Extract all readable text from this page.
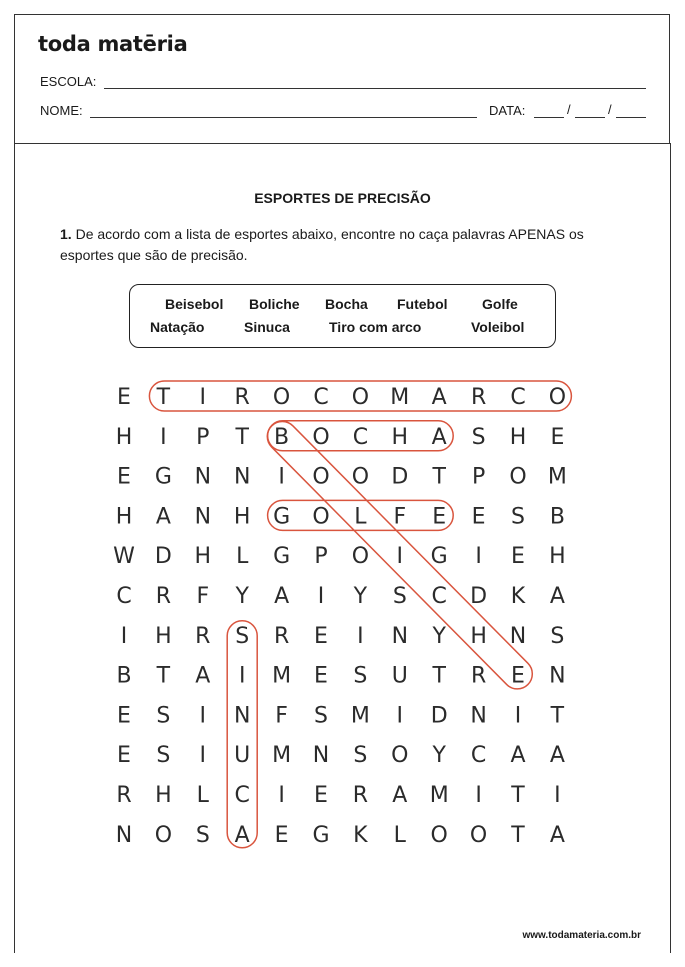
toda matēria
ESCOLA:
NOME:	DATA:	/	/
ESPORTES DE PRECISÃO
1. De acordo com a lista de esportes abaixo, encontre no caça palavras APENAS os esportes que são de precisão.
Beisebol Boliche Bocha Futebol Golfe
Natação	Sinuca	Tiro com arco	Voleibol
E T I R O C O M A R C O
H I P T B O C H A S H E
E G N N I O O D T P O M
H A N H G O L F E E S B
W D H L G P O I G I E H
C R F Y A I Y S C D K A
I H R S R E I N Y H N S
B T A I M E S U T R E N
E S I N F S M I D N I T
E S I U M N S O Y C A A
R H L C I E R A M I T I
N O S A E G K L O O T A
www.todamateria.com.br
